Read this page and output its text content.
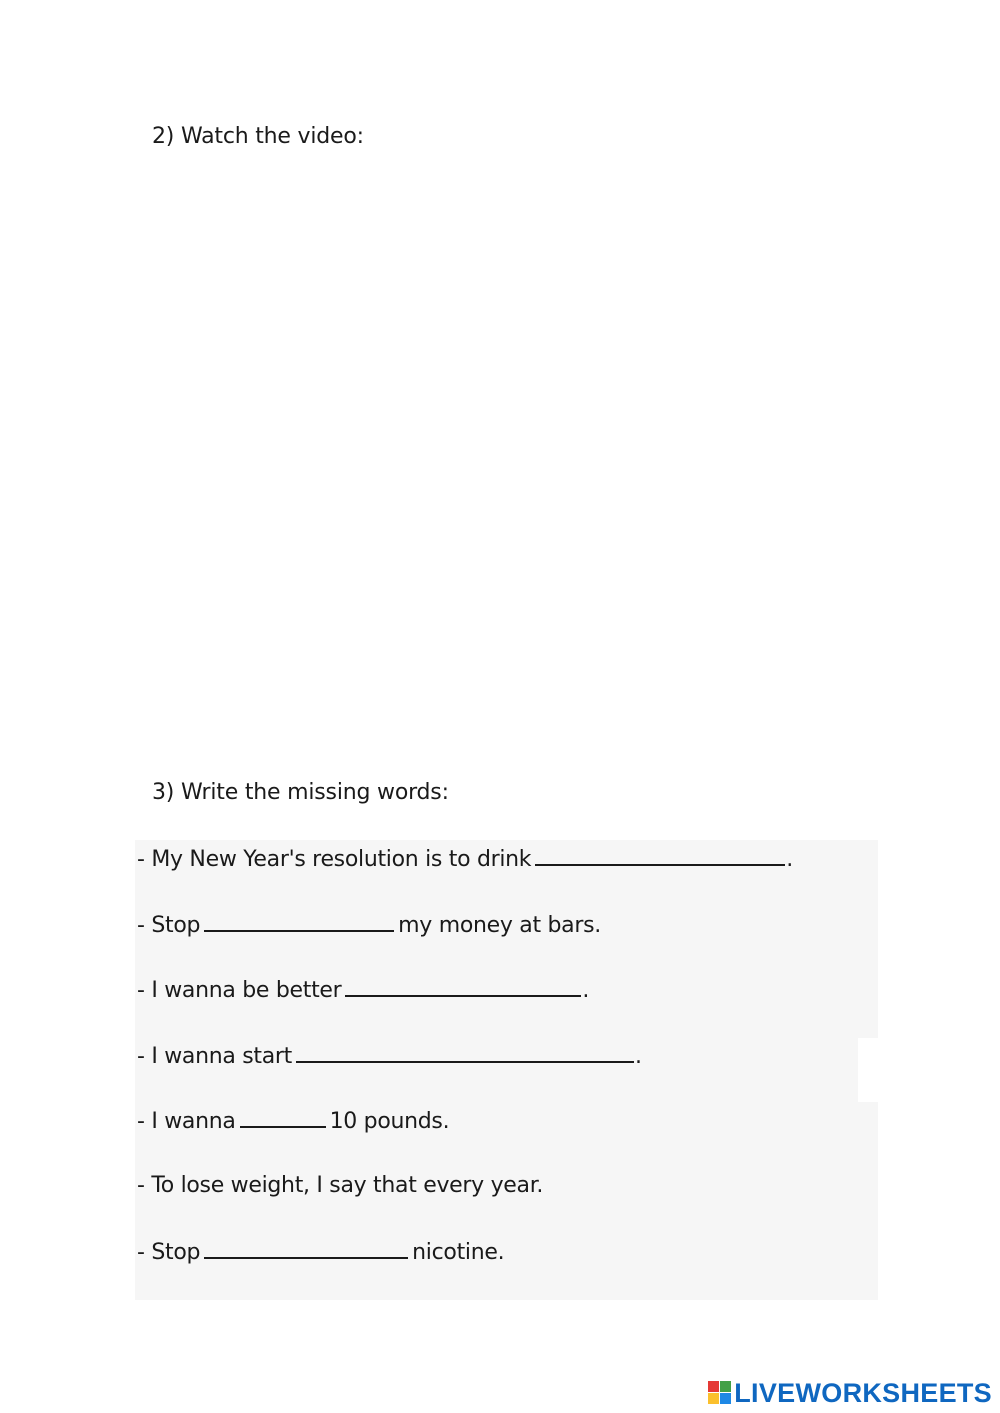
2) Watch the video:
3) Write the missing words:
- My New Year's resolution is to drink	.
- Stop	my money at bars.
- I wanna be better	.
- I wanna start	.
- I wanna	10 pounds.
- To lose weight, I say that every year.
- Stop	nicotine.
LIVEWORKSHEETS
